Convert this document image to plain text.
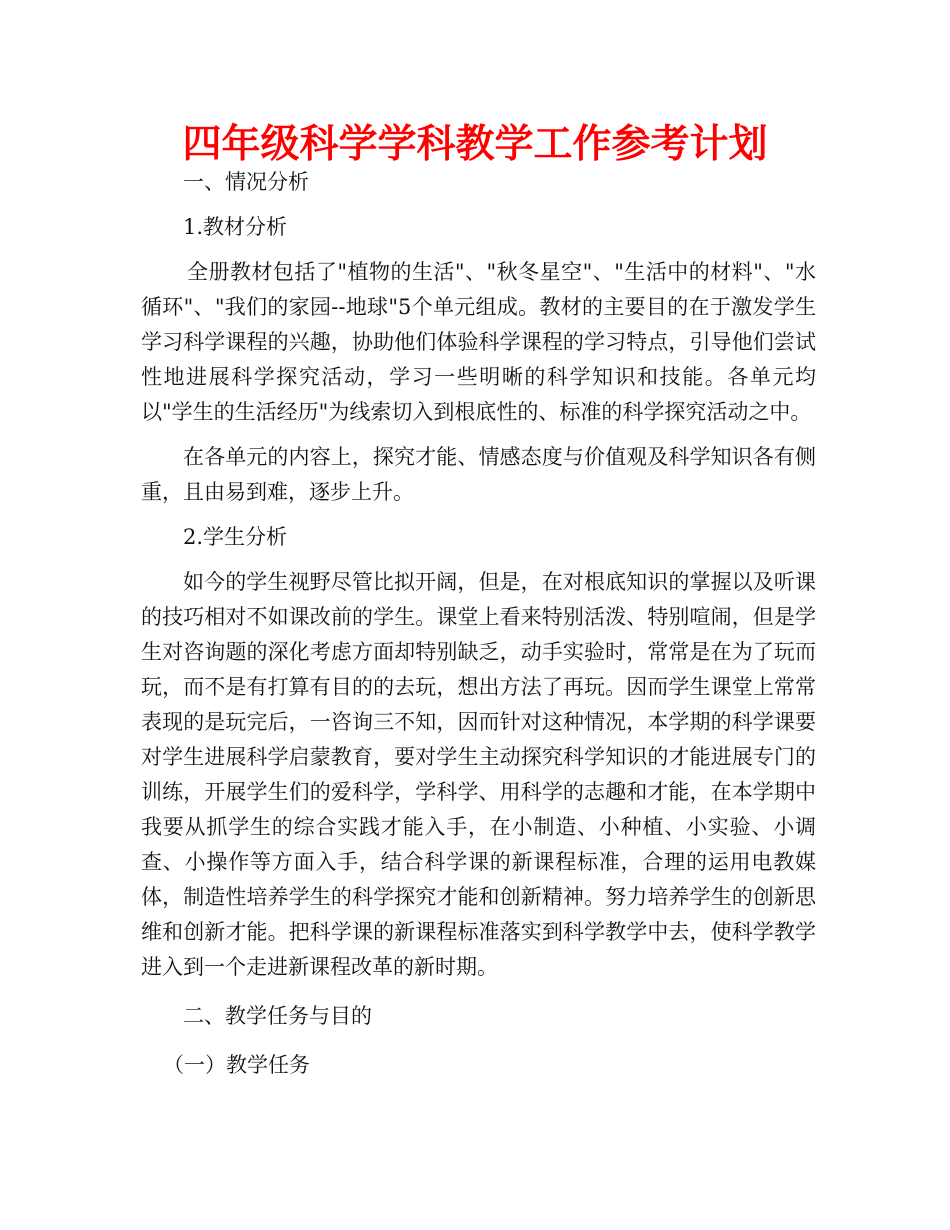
四年级科学学科教学工作参考计划

一、情况分析

1.教材分析

全册教材包括了"植物的生活"、"秋冬星空"、"生活中的材料"、"水循环"、"我们的家园--地球"5个单元组成。教材的主要目的在于激发学生学习科学课程的兴趣，协助他们体验科学课程的学习特点，引导他们尝试性地进展科学探究活动，学习一些明晰的科学知识和技能。各单元均以"学生的生活经历"为线索切入到根底性的、标准的科学探究活动之中。

在各单元的内容上，探究才能、情感态度与价值观及科学知识各有侧重，且由易到难，逐步上升。

2.学生分析

如今的学生视野尽管比拟开阔，但是，在对根底知识的掌握以及听课的技巧相对不如课改前的学生。课堂上看来特别活泼、特别喧闹，但是学生对咨询题的深化考虑方面却特别缺乏，动手实验时，常常是在为了玩而玩，而不是有打算有目的的去玩，想出方法了再玩。因而学生课堂上常常表现的是玩完后，一咨询三不知，因而针对这种情况，本学期的科学课要对学生进展科学启蒙教育，要对学生主动探究科学知识的才能进展专门的训练，开展学生们的爱科学，学科学、用科学的志趣和才能，在本学期中我要从抓学生的综合实践才能入手，在小制造、小种植、小实验、小调查、小操作等方面入手，结合科学课的新课程标准，合理的运用电教媒体，制造性培养学生的科学探究才能和创新精神。努力培养学生的创新思维和创新才能。把科学课的新课程标准落实到科学教学中去，使科学教学进入到一个走进新课程改革的新时期。

二、教学任务与目的

（一）教学任务
